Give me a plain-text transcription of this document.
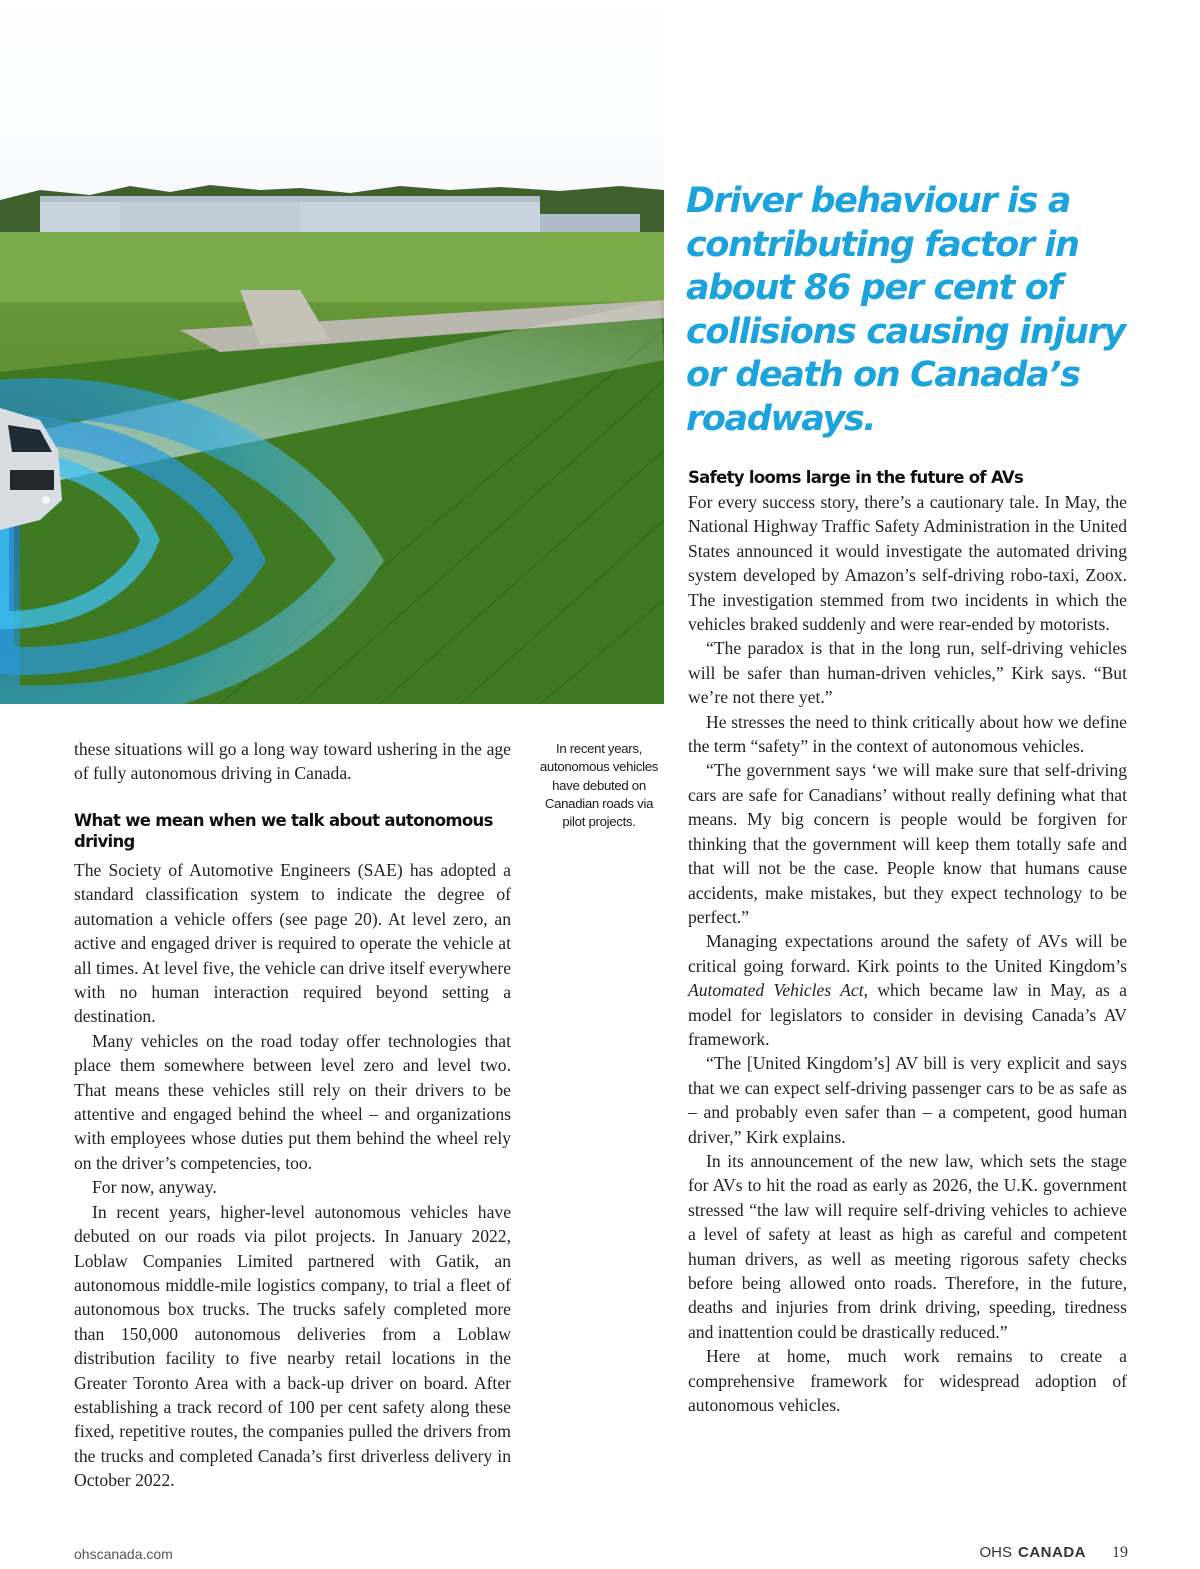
Driver behaviour is a contributing factor in about 86 per cent of collisions causing injury or death on Canada’s roadways.

these situations will go a long way toward ushering in the age of fully autonomous driving in Canada.

What we mean when we talk about autonomous driving

The Society of Automotive Engineers (SAE) has adopted a standard classification system to indicate the degree of automation a vehicle offers (see page 20). At level zero, an active and engaged driver is required to operate the vehicle at all times. At level five, the vehicle can drive itself everywhere with no human interaction required beyond setting a destination.

Many vehicles on the road today offer technologies that place them somewhere between level zero and level two. That means these vehicles still rely on their drivers to be attentive and engaged behind the wheel – and organizations with employees whose duties put them behind the wheel rely on the driver’s competencies, too.

For now, anyway.

In recent years, higher-level autonomous vehicles have debuted on our roads via pilot projects. In January 2022, Loblaw Companies Limited partnered with Gatik, an autonomous middle-mile logistics company, to trial a fleet of autonomous box trucks. The trucks safely completed more than 150,000 autonomous deliveries from a Loblaw distribution facility to five nearby retail locations in the Greater Toronto Area with a back-up driver on board. After establishing a track record of 100 per cent safety along these fixed, repetitive routes, the companies pulled the drivers from the trucks and completed Canada’s first driverless delivery in October 2022.

In recent years, autonomous vehicles have debuted on Canadian roads via pilot projects.

Safety looms large in the future of AVs

For every success story, there’s a cautionary tale. In May, the National Highway Traffic Safety Administration in the United States announced it would investigate the automated driving system developed by Amazon’s self-driving robo-taxi, Zoox. The investigation stemmed from two incidents in which the vehicles braked suddenly and were rear-ended by motorists.

“The paradox is that in the long run, self-driving vehicles will be safer than human-driven vehicles,” Kirk says. “But we’re not there yet.”

He stresses the need to think critically about how we define the term “safety” in the context of autonomous vehicles.

“The government says ‘we will make sure that self-driving cars are safe for Canadians’ without really defining what that means. My big concern is people would be forgiven for thinking that the government will keep them totally safe and that will not be the case. People know that humans cause accidents, make mistakes, but they expect technology to be perfect.”

Managing expectations around the safety of AVs will be critical going forward. Kirk points to the United Kingdom’s Automated Vehicles Act, which became law in May, as a model for legislators to consider in devising Canada’s AV framework.

“The [United Kingdom’s] AV bill is very explicit and says that we can expect self-driving passenger cars to be as safe as – and probably even safer than – a competent, good human driver,” Kirk explains.

In its announcement of the new law, which sets the stage for AVs to hit the road as early as 2026, the U.K. government stressed “the law will require self-driving vehicles to achieve a level of safety at least as high as careful and competent human drivers, as well as meeting rigorous safety checks before being allowed onto roads. Therefore, in the future, deaths and injuries from drink driving, speeding, tiredness and inattention could be drastically reduced.”

Here at home, much work remains to create a comprehensive framework for widespread adoption of autonomous vehicles.

ohscanada.com	OHS CANADA 19
